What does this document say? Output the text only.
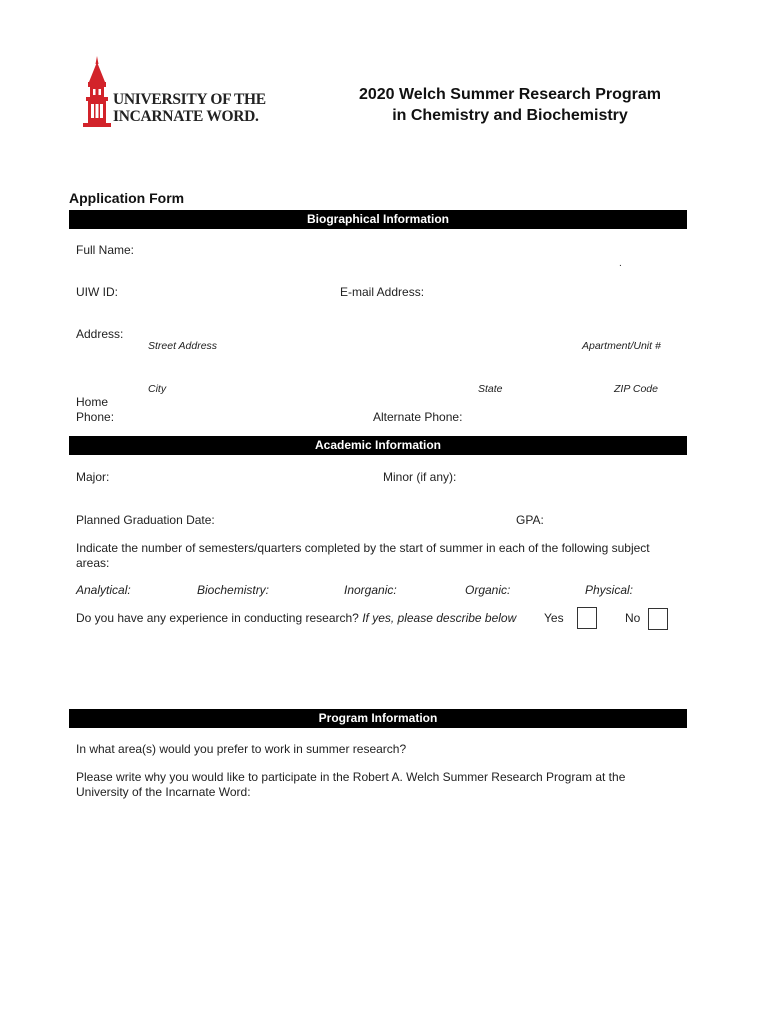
UNIVERSITY OF THE
INCARNATE WORD.
2020 Welch Summer Research Program
in Chemistry and Biochemistry
Application Form
Biographical Information
Full Name:
.
UIW ID:	E-mail Address:
Address:
Street Address	Apartment/Unit #
City	State	ZIP Code
Home
Phone:	Alternate Phone:
Academic Information
Major:	Minor (if any):
Planned Graduation Date:	GPA:
Indicate the number of semesters/quarters completed by the start of summer in each of the following subject areas:
Analytical:	Biochemistry:	Inorganic:	Organic:	Physical:
Do you have any experience in conducting research? If yes, please describe below Yes	No
Program Information
In what area(s) would you prefer to work in summer research?
Please write why you would like to participate in the Robert A. Welch Summer Research Program at the University of the Incarnate Word:
